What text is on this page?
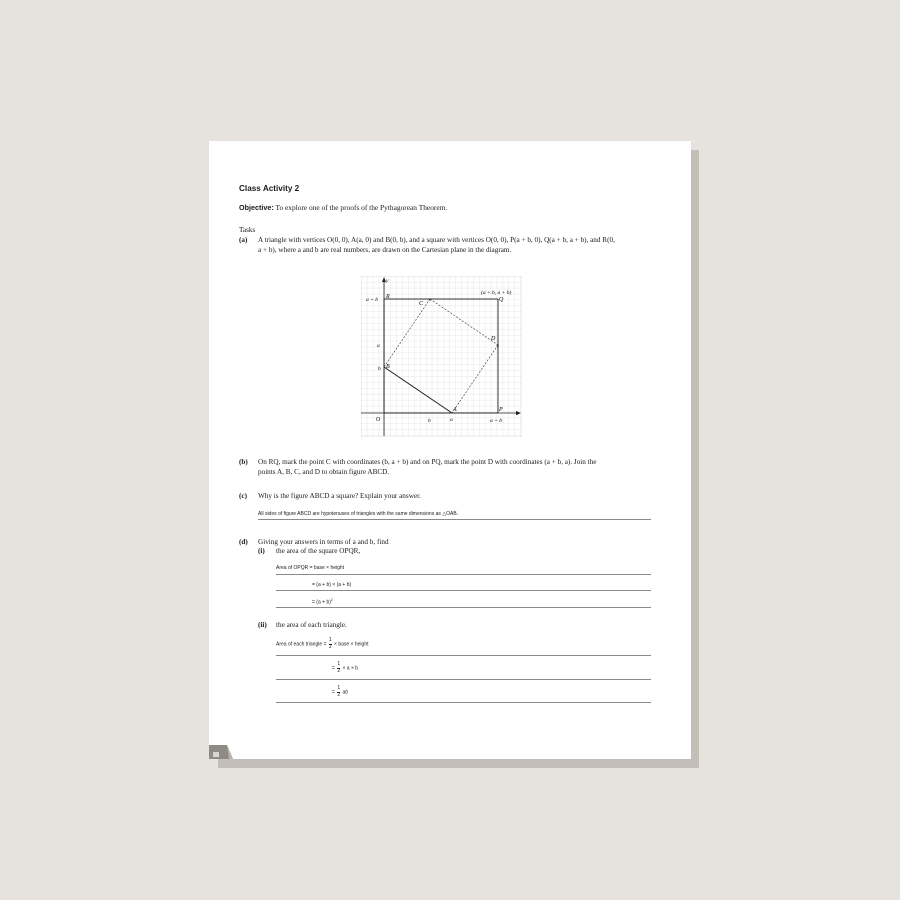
Class Activity 2
Objective: To explore one of the proofs of the Pythagorean Theorem.
Tasks
(a) A triangle with vertices O(0, 0), A(a, 0) and B(0, b), and a square with vertices O(0, 0), P(a + b, 0), Q(a + b, a + b), and R(0,
a + b), where a and b are real numbers, are drawn on the Cartesian plane in the diagram.
×
×
y
x
O
A
B
C
D
P
Q
R
a + b
a
b
b	a	a + b
(a + b, a + b)
(b) On RQ, mark the point C with coordinates (b, a + b) and on PQ, mark the point D with coordinates (a + b, a). Join the
points A, B, C, and D to obtain figure ABCD.
(c) Why is the figure ABCD a square? Explain your answer.
All sides of figure ABCD are hypotenuses of triangles with the same dimensions as △OAB.
(d) Giving your answers in terms of a and b, find
(i) the area of the square OPQR,
Area of OPQR = base × height
= (a + b) × (a + b)
= $(a + b)^2$
(ii) the area of each triangle.
Area of each triangle = $\frac{1}{2}$ × base × height
= $\frac{1}{2} \times a \times b$
= $\frac{1}{2}$ ab
